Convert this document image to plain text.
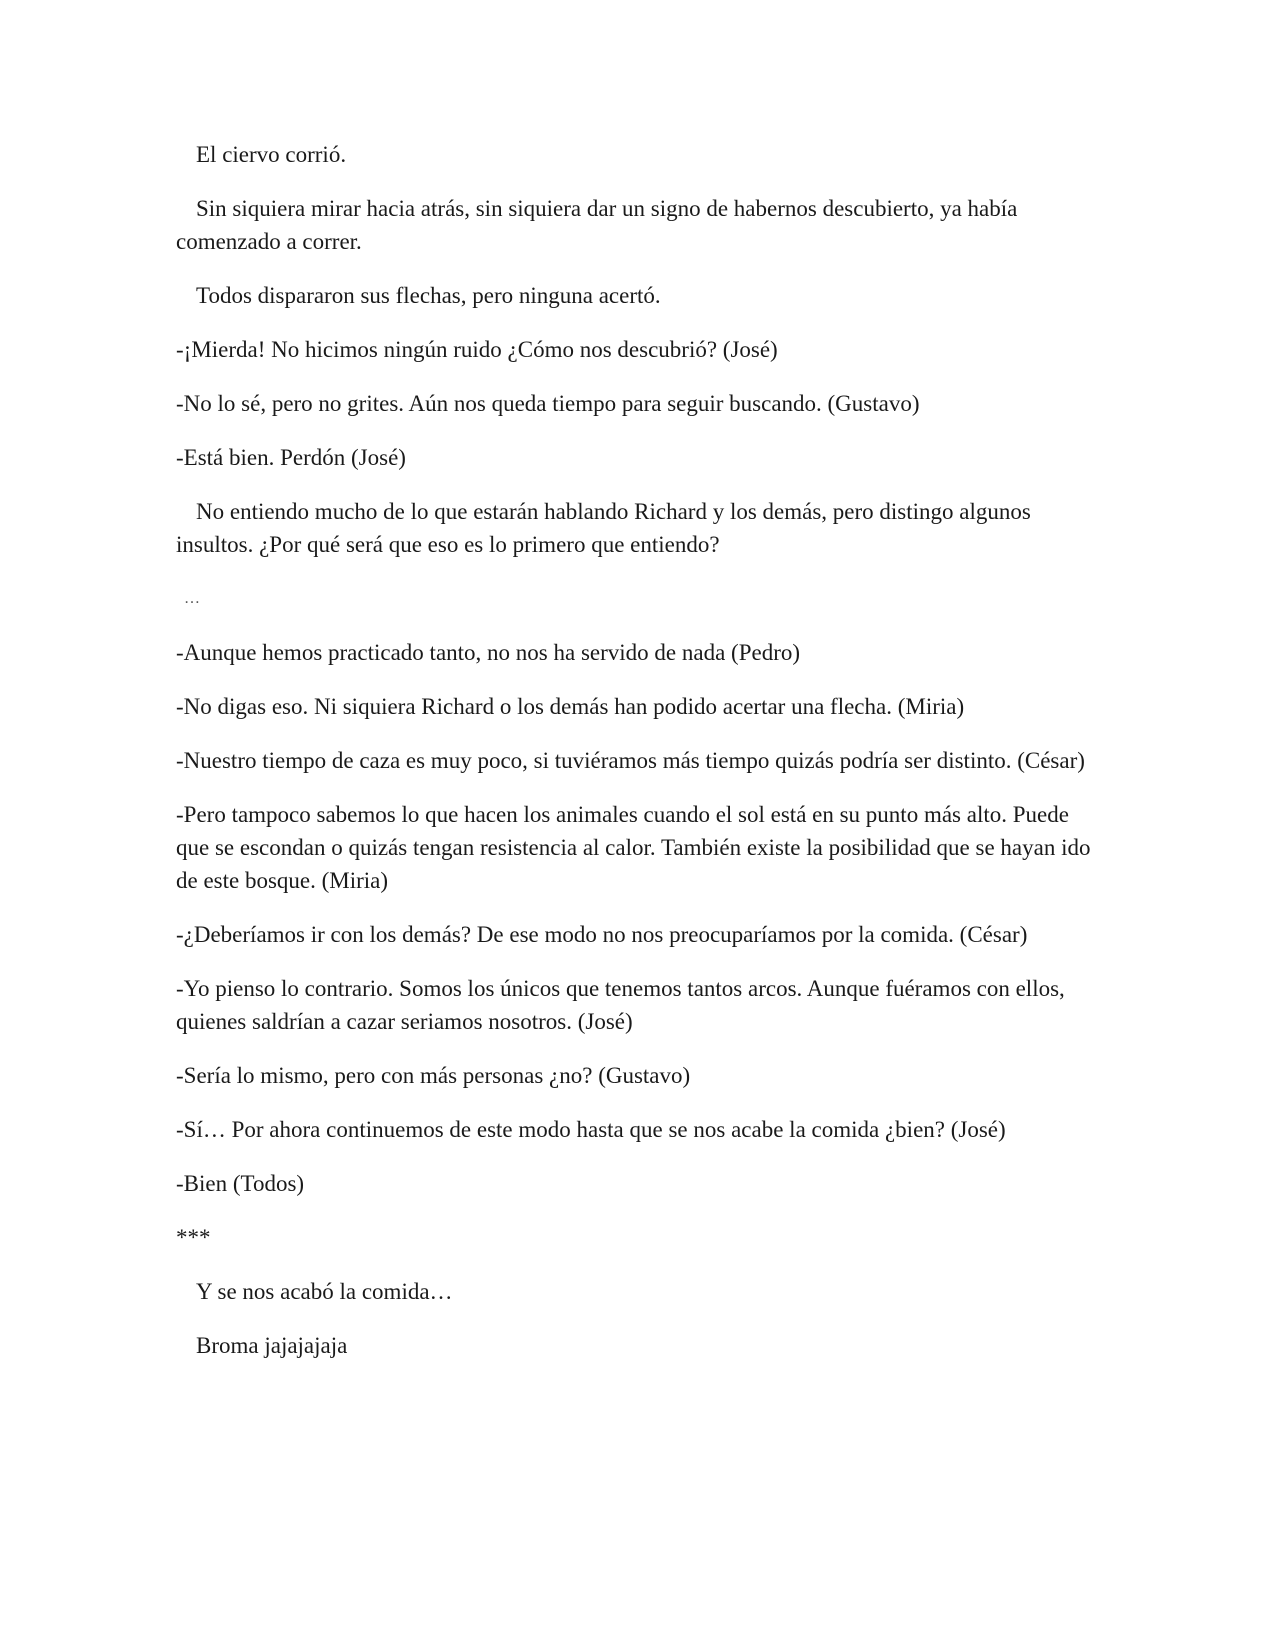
El ciervo corrió.

Sin siquiera mirar hacia atrás, sin siquiera dar un signo de habernos descubierto, ya había comenzado a correr.

Todos dispararon sus flechas, pero ninguna acertó.

-¡Mierda! No hicimos ningún ruido ¿Cómo nos descubrió? (José)

-No lo sé, pero no grites. Aún nos queda tiempo para seguir buscando. (Gustavo)

-Está bien. Perdón (José)

No entiendo mucho de lo que estarán hablando Richard y los demás, pero distingo algunos insultos. ¿Por qué será que eso es lo primero que entiendo?

…

-Aunque hemos practicado tanto, no nos ha servido de nada (Pedro)

-No digas eso. Ni siquiera Richard o los demás han podido acertar una flecha. (Miria)

-Nuestro tiempo de caza es muy poco, si tuviéramos más tiempo quizás podría ser distinto. (César)

-Pero tampoco sabemos lo que hacen los animales cuando el sol está en su punto más alto. Puede que se escondan o quizás tengan resistencia al calor. También existe la posibilidad que se hayan ido de este bosque. (Miria)

-¿Deberíamos ir con los demás? De ese modo no nos preocuparíamos por la comida. (César)

-Yo pienso lo contrario. Somos los únicos que tenemos tantos arcos. Aunque fuéramos con ellos, quienes saldrían a cazar seriamos nosotros. (José)

-Sería lo mismo, pero con más personas ¿no? (Gustavo)

-Sí… Por ahora continuemos de este modo hasta que se nos acabe la comida ¿bien? (José)

-Bien (Todos)

***

Y se nos acabó la comida…

Broma jajajajaja
